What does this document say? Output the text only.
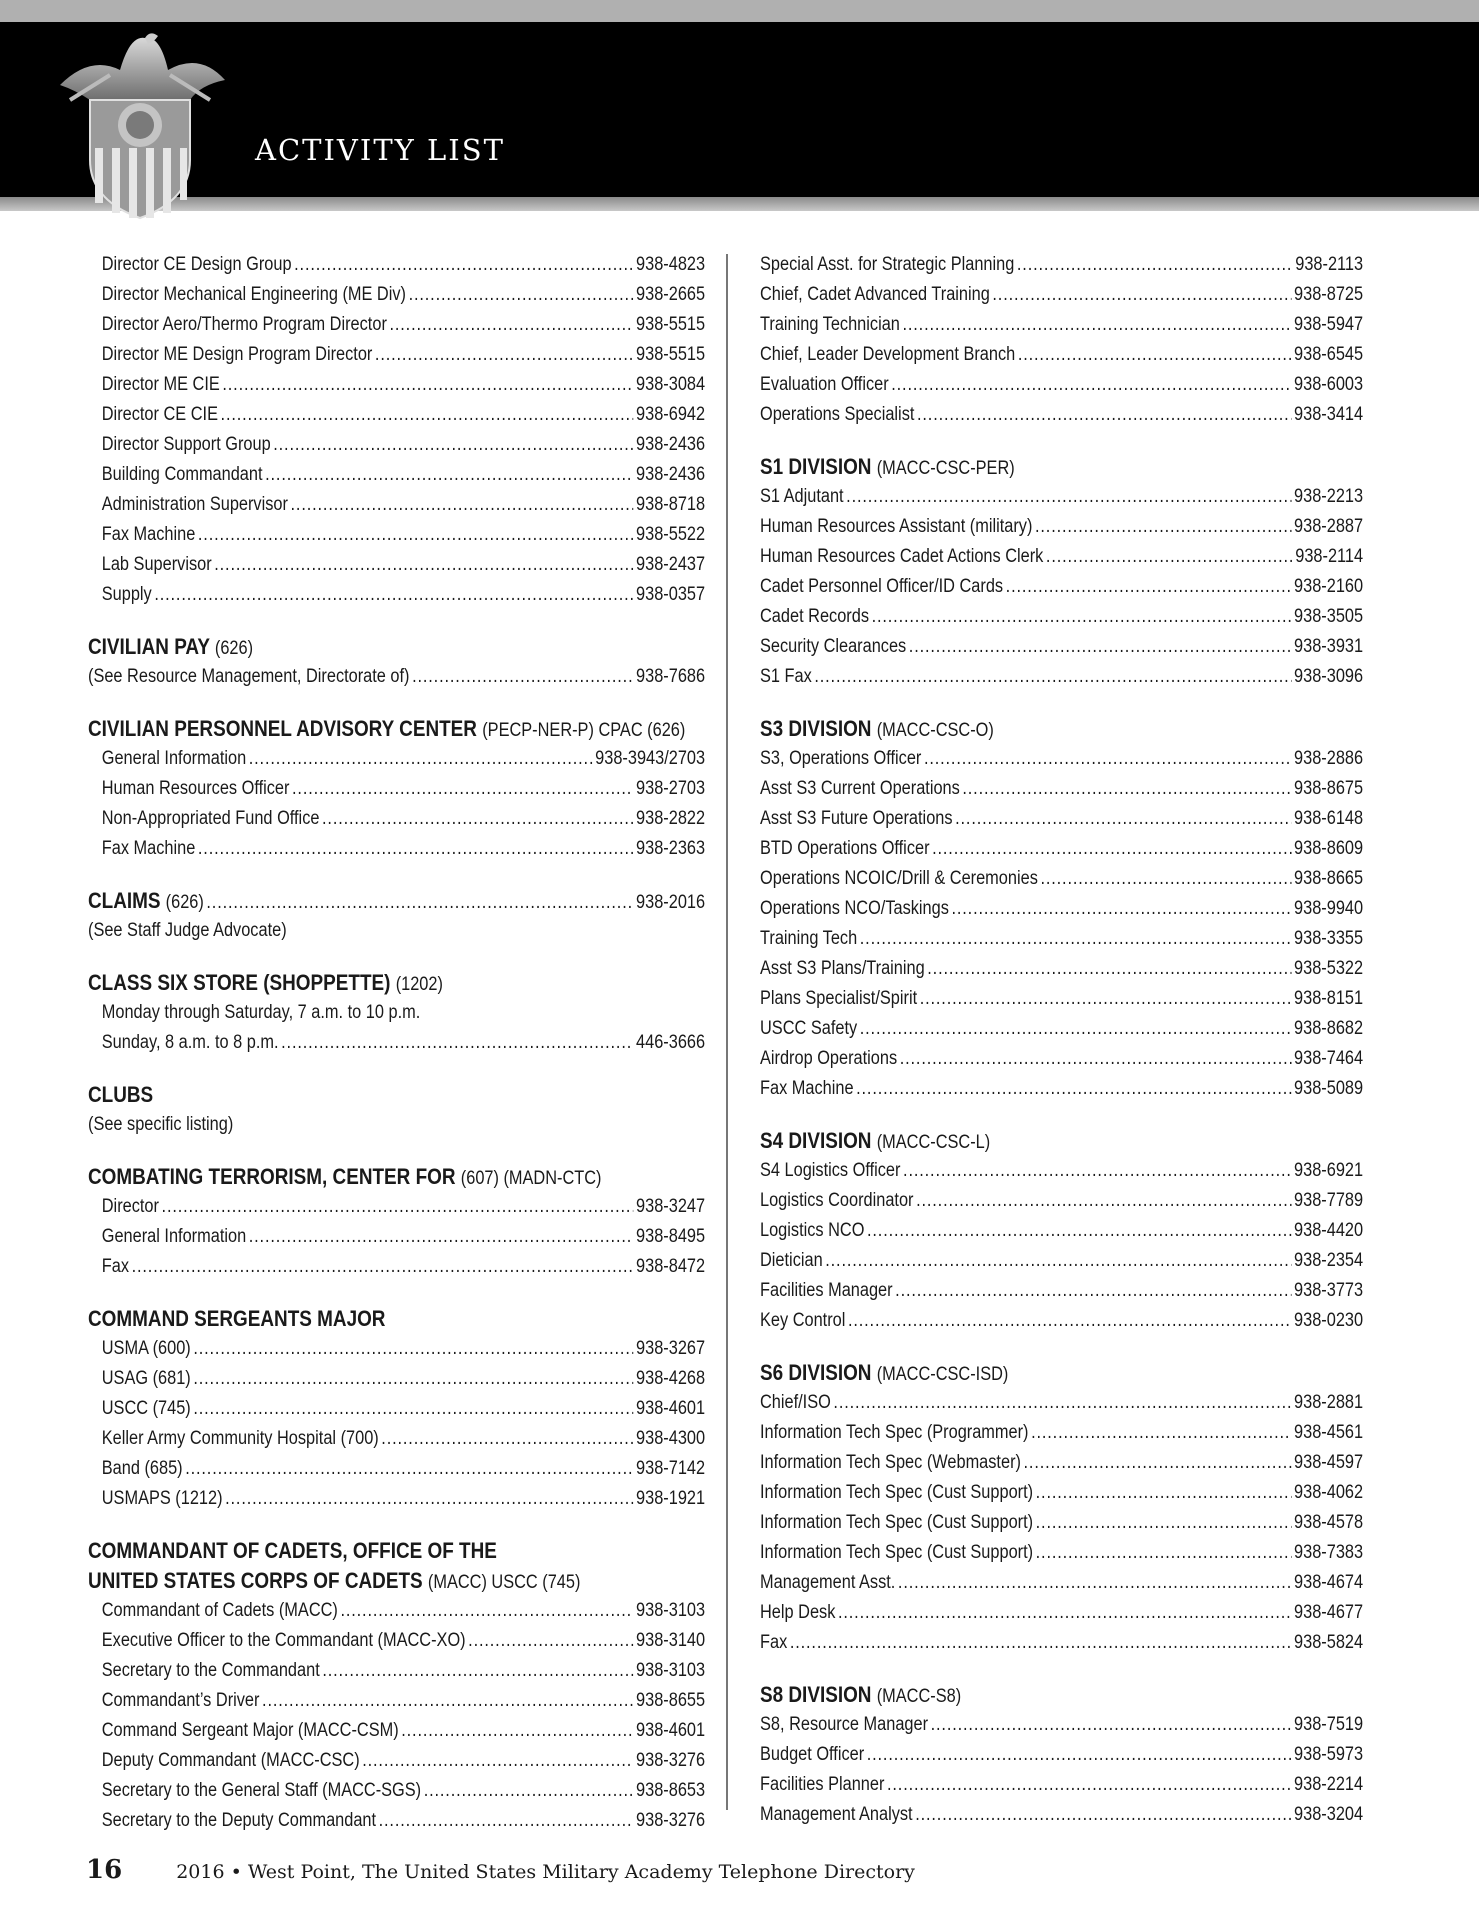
ACTIVITY LIST
Director CE Design Group .....	938-4823
Director Mechanical Engineering (ME Div) .....	938-2665
Director Aero/Thermo Program Director .....	938-5515
Director ME Design Program Director .....	938-5515
Director ME CIE .....	938-3084
Director CE CIE .....	938-6942
Director Support Group .....	938-2436
Building Commandant .....	938-2436
Administration Supervisor .....	938-8718
Fax Machine .....	938-5522
Lab Supervisor .....	938-2437
Supply .....	938-0357
CIVILIAN PAY (626)
(See Resource Management, Directorate of) .....	938-7686
CIVILIAN PERSONNEL ADVISORY CENTER (PECP-NER-P) CPAC (626)
General Information .....	938-3943/2703
Human Resources Officer .....	938-2703
Non-Appropriated Fund Office .....	938-2822
Fax Machine .....	938-2363
CLAIMS (626) .....	938-2016
(See Staff Judge Advocate)
CLASS SIX STORE (SHOPPETTE) (1202)
Monday through Saturday, 7 a.m. to 10 p.m.
Sunday, 8 a.m. to 8 p.m. .....	446-3666
CLUBS
(See specific listing)
COMBATING TERRORISM, CENTER FOR (607) (MADN-CTC)
Director .....	938-3247
General Information .....	938-8495
Fax .....	938-8472
COMMAND SERGEANTS MAJOR
USMA (600) .....	938-3267
USAG (681) .....	938-4268
USCC (745) .....	938-4601
Keller Army Community Hospital (700) .....	938-4300
Band (685) .....	938-7142
USMAPS (1212) .....	938-1921
COMMANDANT OF CADETS, OFFICE OF THE
UNITED STATES CORPS OF CADETS (MACC) USCC (745)
Commandant of Cadets (MACC) .....	938-3103
Executive Officer to the Commandant (MACC-XO) .....	938-3140
Secretary to the Commandant .....	938-3103
Commandant’s Driver .....	938-8655
Command Sergeant Major (MACC-CSM) .....	938-4601
Deputy Commandant (MACC-CSC) .....	938-3276
Secretary to the General Staff (MACC-SGS) .....	938-8653
Secretary to the Deputy Commandant .....	938-3276
Special Asst. for Strategic Planning .....	938-2113
Chief, Cadet Advanced Training .....	938-8725
Training Technician .....	938-5947
Chief, Leader Development Branch .....	938-6545
Evaluation Officer .....	938-6003
Operations Specialist .....	938-3414
S1 DIVISION (MACC-CSC-PER)
S1 Adjutant .....	938-2213
Human Resources Assistant (military) .....	938-2887
Human Resources Cadet Actions Clerk .....	938-2114
Cadet Personnel Officer/ID Cards .....	938-2160
Cadet Records .....	938-3505
Security Clearances .....	938-3931
S1 Fax .....	938-3096
S3 DIVISION (MACC-CSC-O)
S3, Operations Officer .....	938-2886
Asst S3 Current Operations .....	938-8675
Asst S3 Future Operations .....	938-6148
BTD Operations Officer .....	938-8609
Operations NCOIC/Drill & Ceremonies .....	938-8665
Operations NCO/Taskings .....	938-9940
Training Tech .....	938-3355
Asst S3 Plans/Training .....	938-5322
Plans Specialist/Spirit .....	938-8151
USCC Safety .....	938-8682
Airdrop Operations .....	938-7464
Fax Machine .....	938-5089
S4 DIVISION (MACC-CSC-L)
S4 Logistics Officer .....	938-6921
Logistics Coordinator .....	938-7789
Logistics NCO .....	938-4420
Dietician .....	938-2354
Facilities Manager .....	938-3773
Key Control .....	938-0230
S6 DIVISION (MACC-CSC-ISD)
Chief/ISO .....	938-2881
Information Tech Spec (Programmer) .....	938-4561
Information Tech Spec (Webmaster) .....	938-4597
Information Tech Spec (Cust Support) .....	938-4062
Information Tech Spec (Cust Support) .....	938-4578
Information Tech Spec (Cust Support) .....	938-7383
Management Asst. .....	938-4674
Help Desk .....	938-4677
Fax .....	938-5824
S8 DIVISION (MACC-S8)
S8, Resource Manager .....	938-7519
Budget Officer .....	938-5973
Facilities Planner .....	938-2214
Management Analyst .....	938-3204
16	2016 • West Point, The United States Military Academy Telephone Directory
